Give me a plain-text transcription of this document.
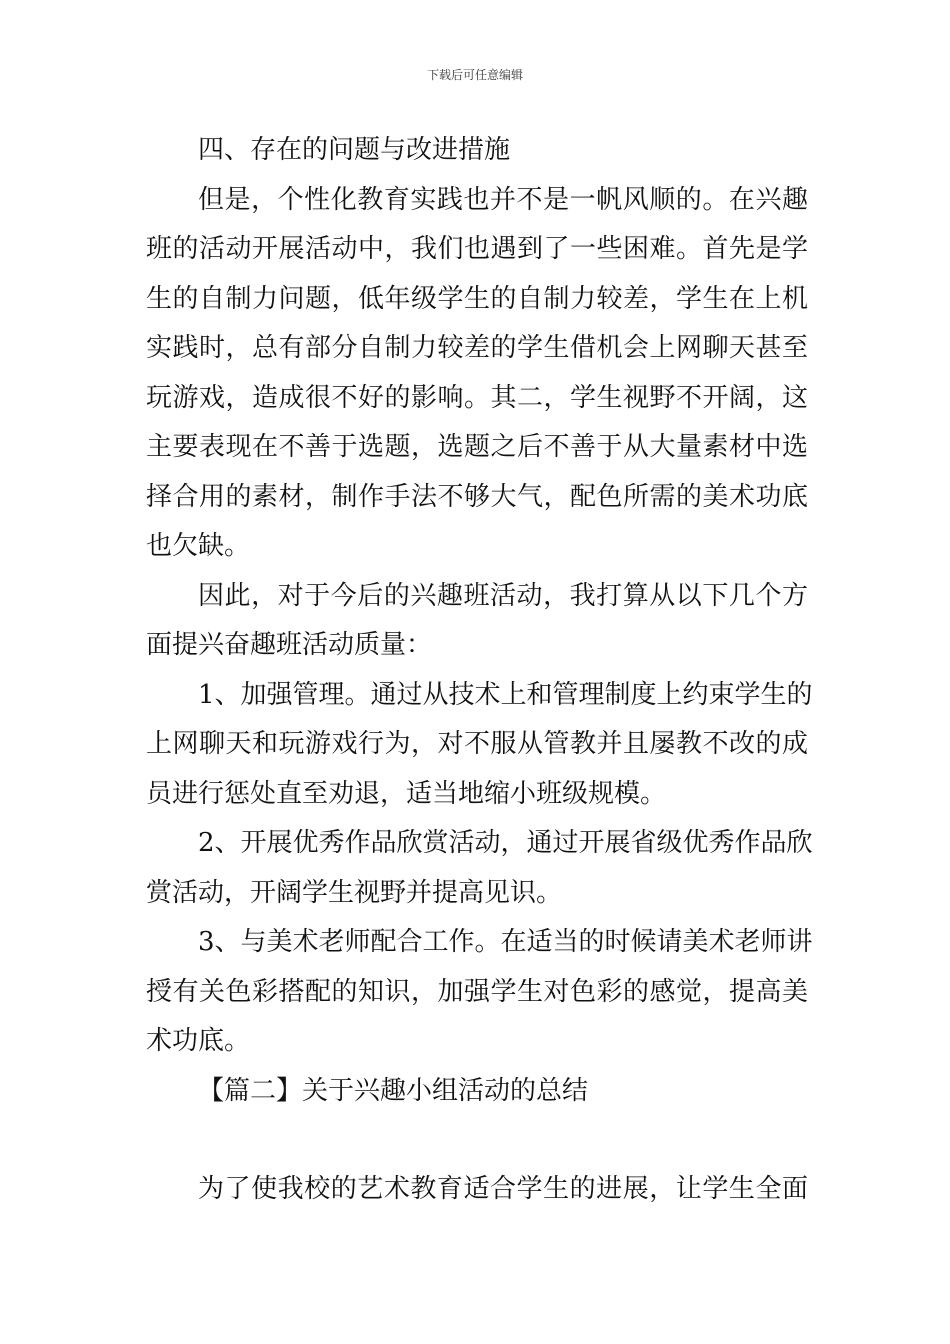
下载后可任意编辑
四、存在的问题与改进措施
但是，个性化教育实践也并不是一帆风顺的。在兴趣
班的活动开展活动中，我们也遇到了一些困难。首先是学
生的自制力问题，低年级学生的自制力较差，学生在上机
实践时，总有部分自制力较差的学生借机会上网聊天甚至
玩游戏，造成很不好的影响。其二，学生视野不开阔，这
主要表现在不善于选题，选题之后不善于从大量素材中选
择合用的素材，制作手法不够大气，配色所需的美术功底
也欠缺。
因此，对于今后的兴趣班活动，我打算从以下几个方
面提兴奋趣班活动质量：
1、加强管理。通过从技术上和管理制度上约束学生的
上网聊天和玩游戏行为，对不服从管教并且屡教不改的成
员进行惩处直至劝退，适当地缩小班级规模。
2、开展优秀作品欣赏活动，通过开展省级优秀作品欣
赏活动，开阔学生视野并提高见识。
3、与美术老师配合工作。在适当的时候请美术老师讲
授有关色彩搭配的知识，加强学生对色彩的感觉，提高美
术功底。
【篇二】关于兴趣小组活动的总结
为了使我校的艺术教育适合学生的进展，让学生全面
